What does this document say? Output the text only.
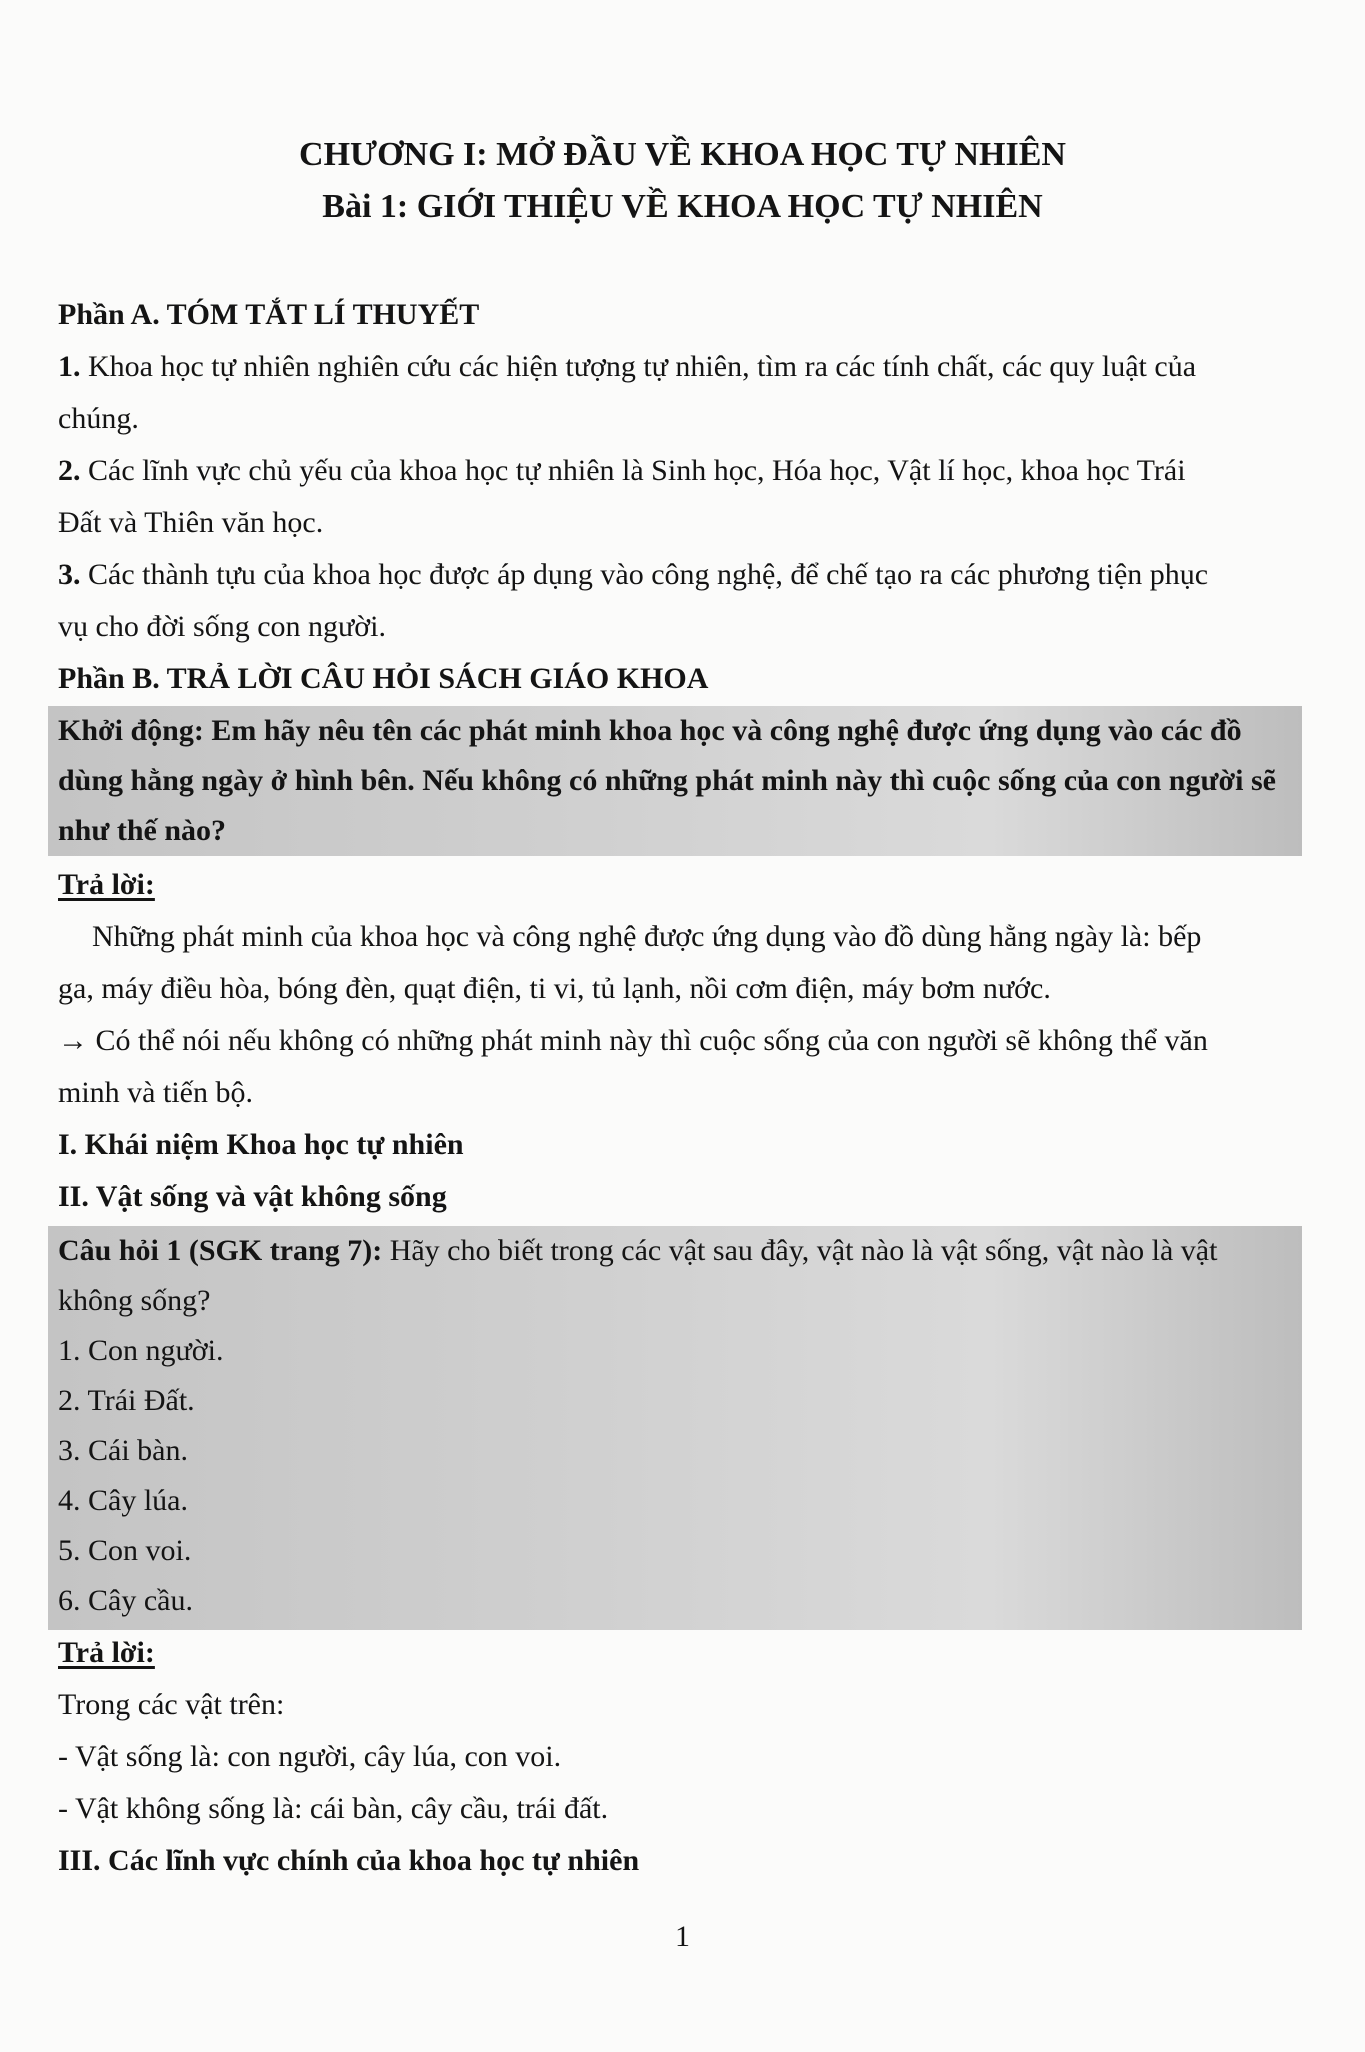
CHƯƠNG I: MỞ ĐẦU VỀ KHOA HỌC TỰ NHIÊN
Bài 1: GIỚI THIỆU VỀ KHOA HỌC TỰ NHIÊN
Phần A. TÓM TẮT LÍ THUYẾT
1. Khoa học tự nhiên nghiên cứu các hiện tượng tự nhiên, tìm ra các tính chất, các quy luật của
chúng.
2. Các lĩnh vực chủ yếu của khoa học tự nhiên là Sinh học, Hóa học, Vật lí học, khoa học Trái
Đất và Thiên văn học.
3. Các thành tựu của khoa học được áp dụng vào công nghệ, để chế tạo ra các phương tiện phục
vụ cho đời sống con người.
Phần B. TRẢ LỜI CÂU HỎI SÁCH GIÁO KHOA
Khởi động: Em hãy nêu tên các phát minh khoa học và công nghệ được ứng dụng vào các đồ
dùng hằng ngày ở hình bên. Nếu không có những phát minh này thì cuộc sống của con người sẽ
như thế nào?
Trả lời:
Những phát minh của khoa học và công nghệ được ứng dụng vào đồ dùng hằng ngày là: bếp
ga, máy điều hòa, bóng đèn, quạt điện, ti vi, tủ lạnh, nồi cơm điện, máy bơm nước.
→ Có thể nói nếu không có những phát minh này thì cuộc sống của con người sẽ không thể văn
minh và tiến bộ.
I. Khái niệm Khoa học tự nhiên
II. Vật sống và vật không sống
Câu hỏi 1 (SGK trang 7): Hãy cho biết trong các vật sau đây, vật nào là vật sống, vật nào là vật
không sống?
1. Con người.
2. Trái Đất.
3. Cái bàn.
4. Cây lúa.
5. Con voi.
6. Cây cầu.
Trả lời:
Trong các vật trên:
- Vật sống là: con người, cây lúa, con voi.
- Vật không sống là: cái bàn, cây cầu, trái đất.
III. Các lĩnh vực chính của khoa học tự nhiên
1
